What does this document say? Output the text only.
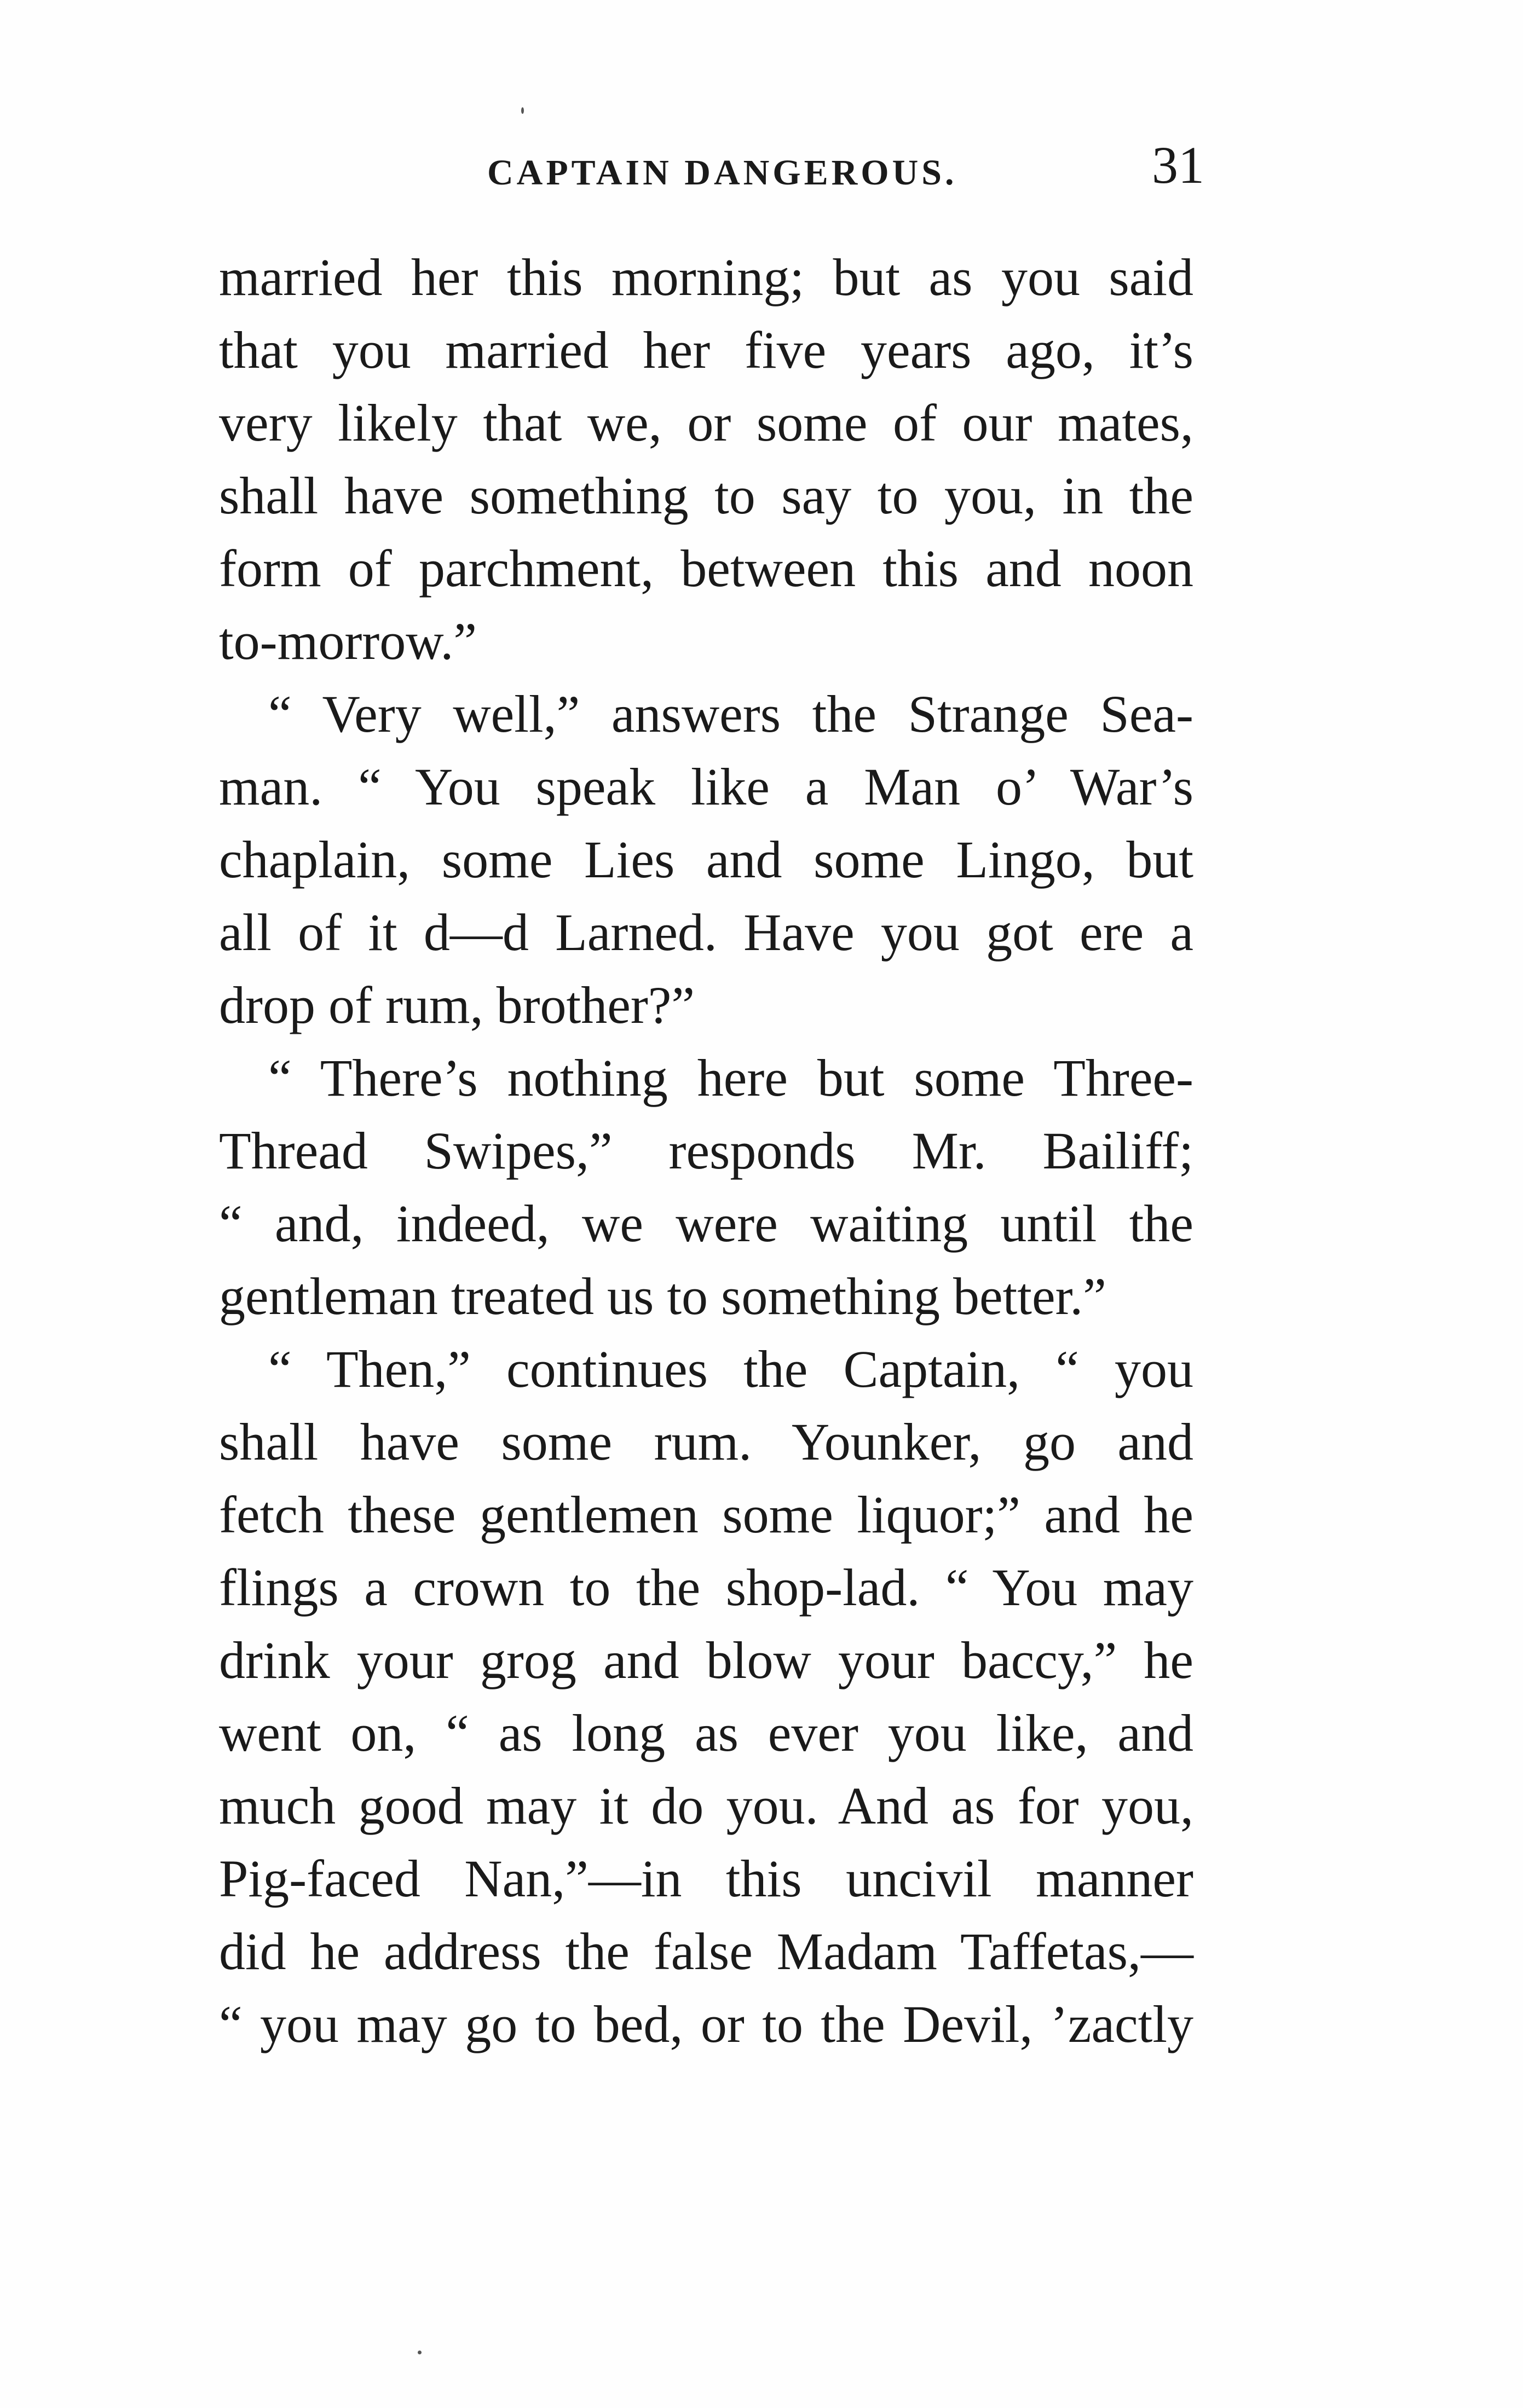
CAPTAIN DANGEROUS.	31
married her this morning; but as you said
that you married her five years ago, it’s
very likely that we, or some of our mates,
shall have something to say to you, in the
form of parchment, between this and noon
to-morrow.”
“ Very well,” answers the Strange Sea-
man. “ You speak like a Man o’ War’s
chaplain, some Lies and some Lingo, but
all of it d—d Larned. Have you got ere a
drop of rum, brother?”
“ There’s nothing here but some Three-
Thread Swipes,” responds Mr. Bailiff;
“ and, indeed, we were waiting until the
gentleman treated us to something better.”
“ Then,” continues the Captain, “ you
shall have some rum. Younker, go and
fetch these gentlemen some liquor;” and he
flings a crown to the shop-lad. “ You may
drink your grog and blow your baccy,” he
went on, “ as long as ever you like, and
much good may it do you. And as for you,
Pig-faced Nan,”—in this uncivil manner
did he address the false Madam Taffetas,—
“ you may go to bed, or to the Devil, ’zactly
